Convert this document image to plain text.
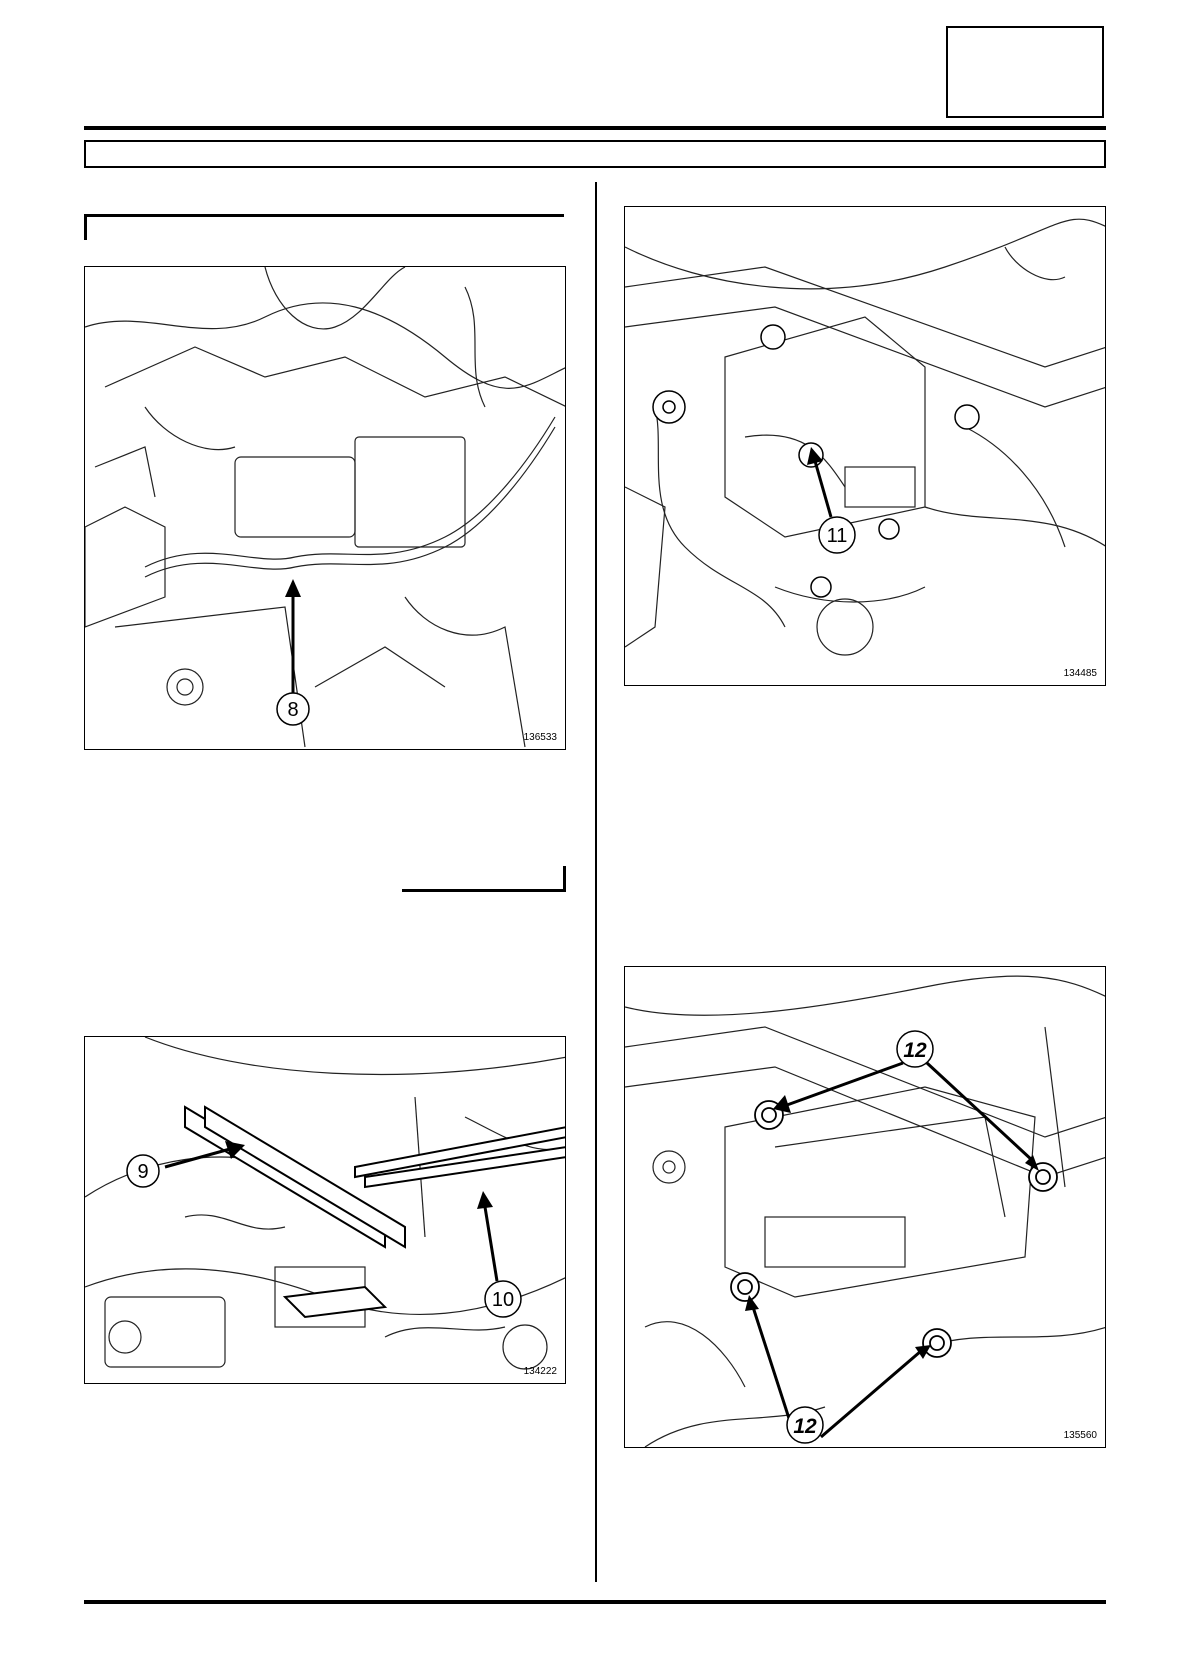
8
136533
9
10
134222
11
134485
12
12	135560
